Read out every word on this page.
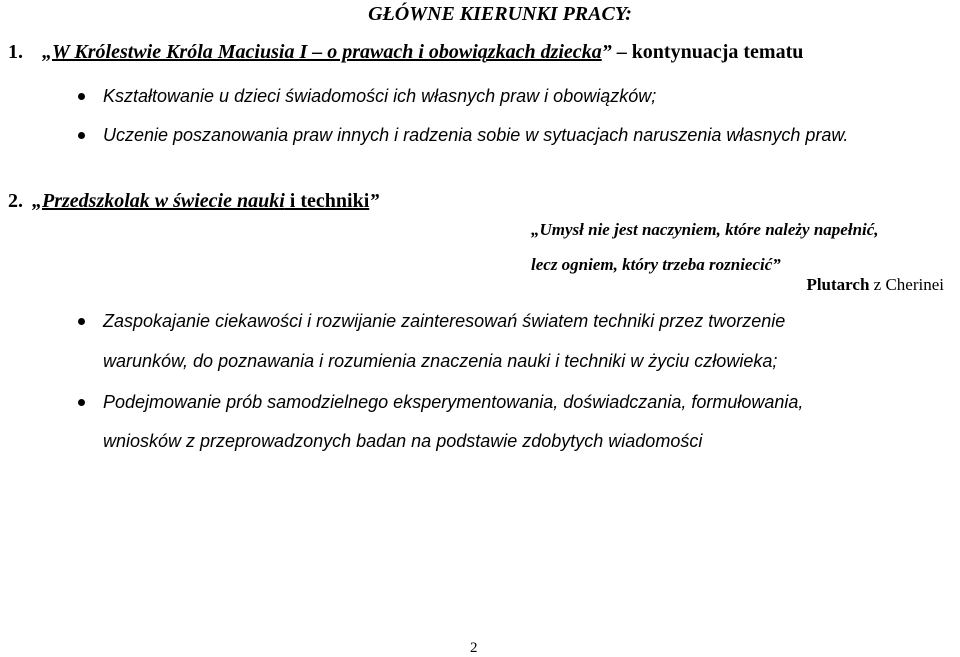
GŁÓWNE KIERUNKI PRACY:
1. „W Królestwie Króla Maciusia I – o prawach i obowiązkach dziecka” – kontynuacja tematu
Kształtowanie u dzieci świadomości ich własnych praw i obowiązków;
Uczenie poszanowania praw innych i radzenia sobie w sytuacjach naruszenia własnych praw.
2. „Przedszkolak w świecie nauki i techniki”
„Umysł nie jest naczyniem, które należy napełnić,
lecz ogniem, który trzeba rozniecić”
Plutarch z Cherinei
Zaspokajanie ciekawości i rozwijanie zainteresowań światem techniki przez tworzenie
warunków, do poznawania i rozumienia znaczenia nauki i techniki w życiu człowieka;
Podejmowanie prób samodzielnego eksperymentowania, doświadczania, formułowania,
wniosków z przeprowadzonych badan na podstawie zdobytych wiadomości
2
